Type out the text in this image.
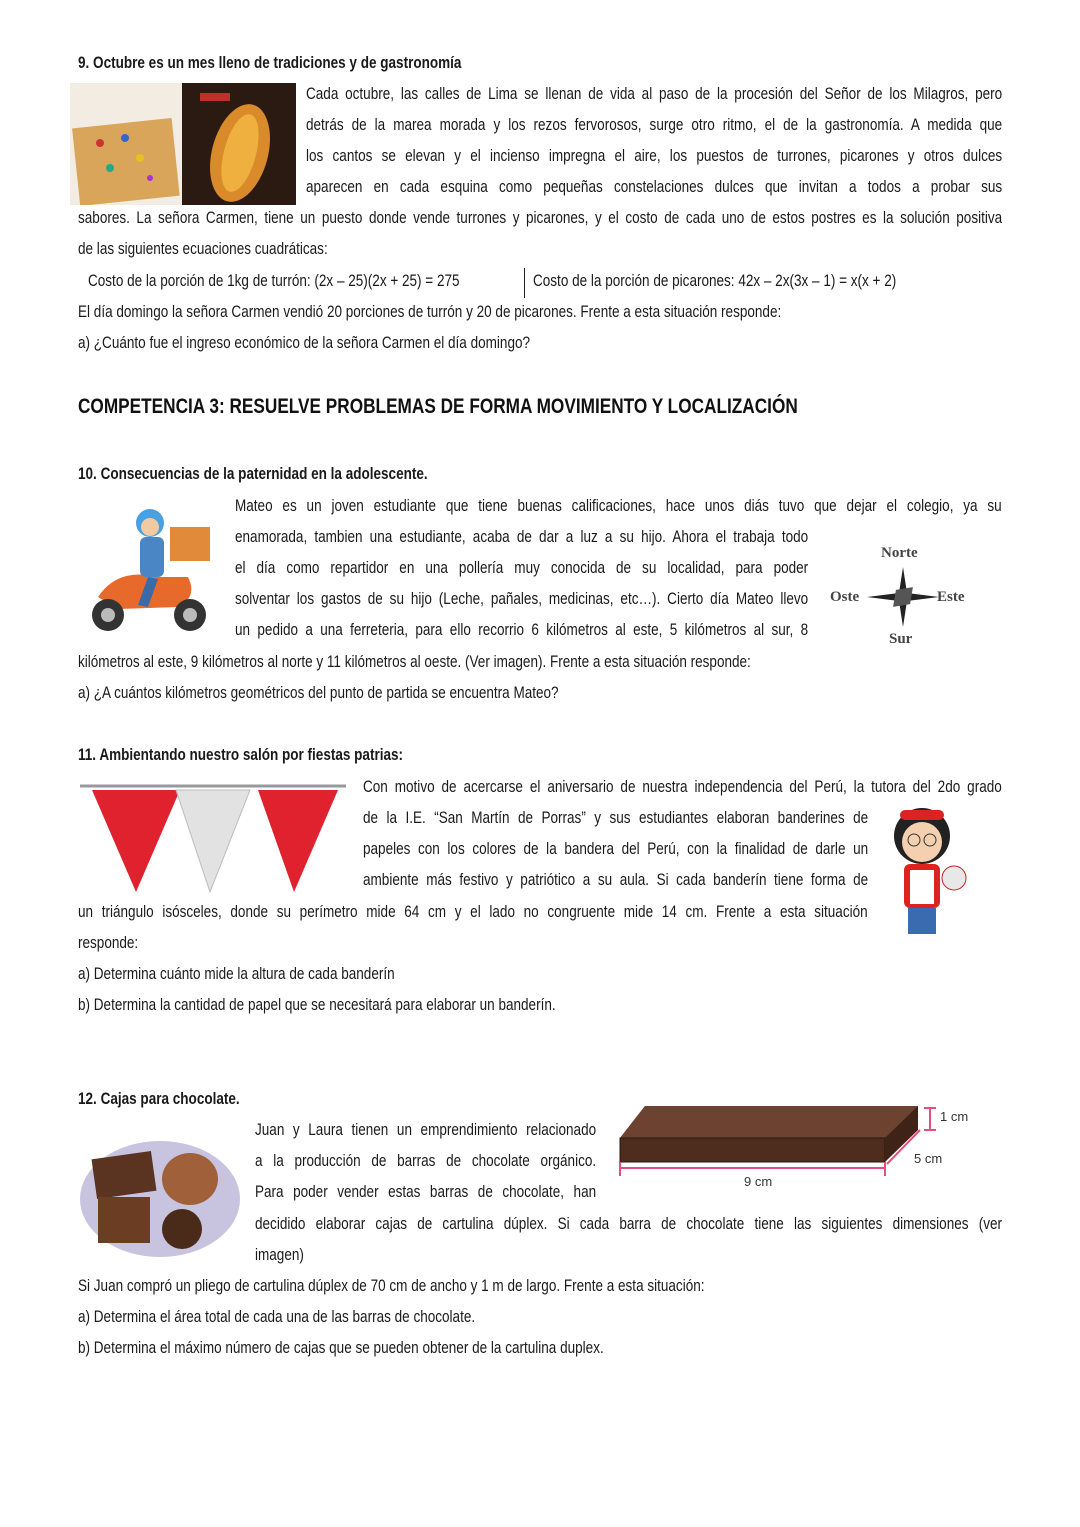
9. Octubre es un mes lleno de tradiciones y de gastronomía
Cada octubre, las calles de Lima se llenan de vida al paso de la procesión del Señor de los Milagros, pero
detrás de la marea morada y los rezos fervorosos, surge otro ritmo, el de la gastronomía. A medida que
los cantos se elevan y el incienso impregna el aire, los puestos de turrones, picarones y otros dulces
aparecen en cada esquina como pequeñas constelaciones dulces que invitan a todos a probar sus
sabores. La señora Carmen, tiene un puesto donde vende turrones y picarones, y el costo de cada uno de estos postres es la solución positiva
de las siguientes ecuaciones cuadráticas:
Costo de la porción de 1kg de turrón: (2x – 25)(2x + 25) = 275	Costo de la porción de picarones: 42x – 2x(3x – 1) = x(x + 2)
El día domingo la señora Carmen vendió 20 porciones de turrón y 20 de picarones. Frente a esta situación responde:
a) ¿Cuánto fue el ingreso económico de la señora Carmen el día domingo?
COMPETENCIA 3: RESUELVE PROBLEMAS DE FORMA MOVIMIENTO Y LOCALIZACIÓN
10. Consecuencias de la paternidad en la adolescente.
Mateo es un joven estudiante que tiene buenas calificaciones, hace unos diás tuvo que dejar el colegio, ya su
enamorada, tambien una estudiante, acaba de dar a luz a su hijo. Ahora el trabaja todo
el día como repartidor en una pollería muy conocida de su localidad, para poder
solventar los gastos de su hijo (Leche, pañales, medicinas, etc…). Cierto día Mateo llevo
un pedido a una ferreteria, para ello recorrio 6 kilómetros al este, 5 kilómetros al sur, 8
kilómetros al este, 9 kilómetros al norte y 11 kilómetros al oeste. (Ver imagen). Frente a esta situación responde:
a) ¿A cuántos kilómetros geométricos del punto de partida se encuentra Mateo?
Norte
Sur
Este
Oste
11. Ambientando nuestro salón por fiestas patrias:
Con motivo de acercarse el aniversario de nuestra independencia del Perú, la tutora del 2do grado
de la I.E. “San Martín de Porras” y sus estudiantes elaboran banderines de
papeles con los colores de la bandera del Perú, con la finalidad de darle un
ambiente más festivo y patriótico a su aula. Si cada banderín tiene forma de
un triángulo isósceles, donde su perímetro mide 64 cm y el lado no congruente mide 14 cm. Frente a esta situación
responde:
a) Determina cuánto mide la altura de cada banderín
b) Determina la cantidad de papel que se necesitará para elaborar un banderín.
12. Cajas para chocolate.
Juan y Laura tienen un emprendimiento relacionado
a la producción de barras de chocolate orgánico.
Para poder vender estas barras de chocolate, han
decidido elaborar cajas de cartulina dúplex. Si cada barra de chocolate tiene las siguientes dimensiones (ver
imagen)
Si Juan compró un pliego de cartulina dúplex de 70 cm de ancho y 1 m de largo. Frente a esta situación:
a) Determina el área total de cada una de las barras de chocolate.
b) Determina el máximo número de cajas que se pueden obtener de la cartulina duplex.
1 cm
5 cm
9 cm
